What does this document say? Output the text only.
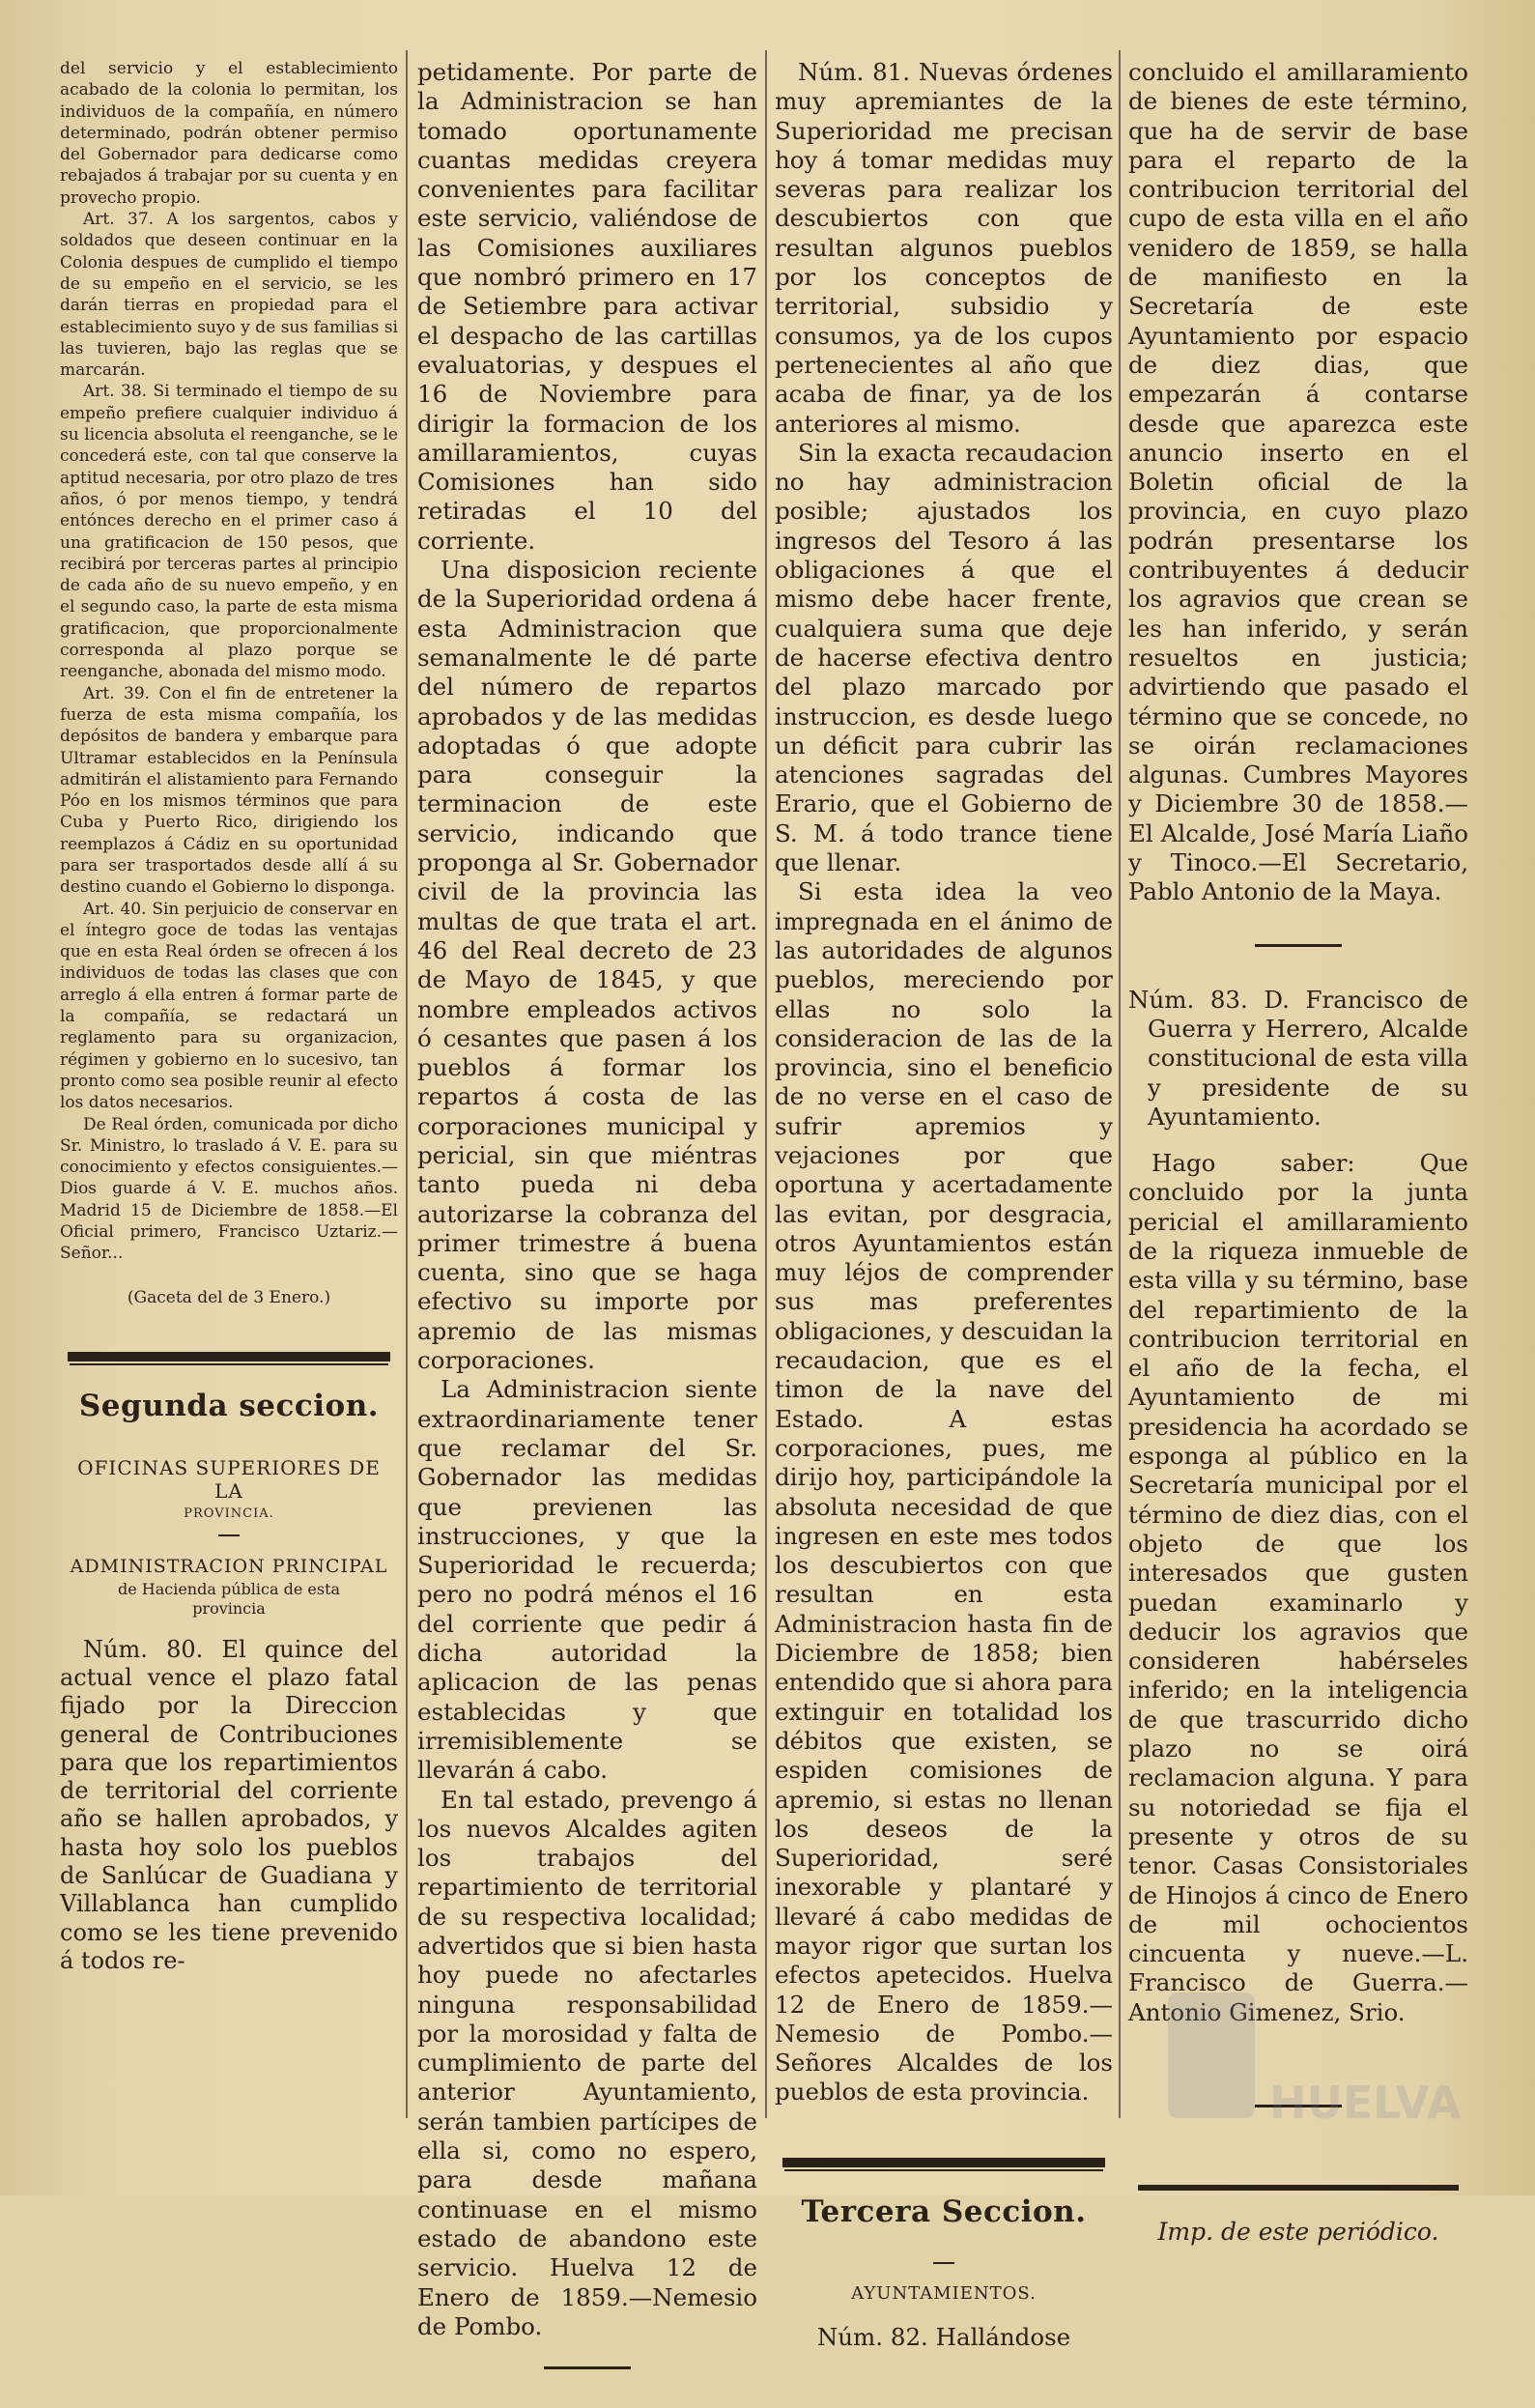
del servicio y el establecimiento acabado de la colonia lo permitan, los individuos de la compañía, en número determinado, podrán obtener permiso del Gobernador para dedicarse como rebajados á trabajar por su cuenta y en provecho propio.

Art. 37. A los sargentos, cabos y soldados que deseen continuar en la Colonia despues de cumplido el tiempo de su empeño en el servicio, se les darán tierras en propiedad para el establecimiento suyo y de sus familias si las tuvieren, bajo las reglas que se marcarán.

Art. 38. Si terminado el tiempo de su empeño prefiere cualquier individuo á su licencia absoluta el reenganche, se le concederá este, con tal que conserve la aptitud necesaria, por otro plazo de tres años, ó por menos tiempo, y tendrá entónces derecho en el primer caso á una gratificacion de 150 pesos, que recibirá por terceras partes al principio de cada año de su nuevo empeño, y en el segundo caso, la parte de esta misma gratificacion, que proporcionalmente corresponda al plazo porque se reenganche, abonada del mismo modo.

Art. 39. Con el fin de entretener la fuerza de esta misma compañía, los depósitos de bandera y embarque para Ultramar establecidos en la Península admitirán el alistamiento para Fernando Póo en los mismos términos que para Cuba y Puerto Rico, dirigiendo los reemplazos á Cádiz en su oportunidad para ser trasportados desde allí á su destino cuando el Gobierno lo disponga.

Art. 40. Sin perjuicio de conservar en el íntegro goce de todas las ventajas que en esta Real órden se ofrecen á los individuos de todas las clases que con arreglo á ella entren á formar parte de la compañía, se redactará un reglamento para su organizacion, régimen y gobierno en lo sucesivo, tan pronto como sea posible reunir al efecto los datos necesarios.

De Real órden, comunicada por dicho Sr. Ministro, lo traslado á V. E. para su conocimiento y efectos consiguientes.—Dios guarde á V. E. muchos años. Madrid 15 de Diciembre de 1858.—El Oficial primero, Francisco Uztariz.—Señor...

(Gaceta del de 3 Enero.)
Segunda seccion.
OFICINAS SUPERIORES DE LA
PROVINCIA.
ADMINISTRACION PRINCIPAL
de Hacienda pública de esta provincia

Núm. 80. El quince del actual vence el plazo fatal fijado por la Direccion general de Contribuciones para que los repartimientos de territorial del corriente año se hallen aprobados, y hasta hoy solo los pueblos de Sanlúcar de Guadiana y Villablanca han cumplido como se les tiene prevenido á todos re-

petidamente. Por parte de la Administracion se han tomado oportunamente cuantas medidas creyera convenientes para facilitar este servicio, valiéndose de las Comisiones auxiliares que nombró primero en 17 de Setiembre para activar el despacho de las cartillas evaluatorias, y despues el 16 de Noviembre para dirigir la formacion de los amillaramientos, cuyas Comisiones han sido retiradas el 10 del corriente.

Una disposicion reciente de la Superioridad ordena á esta Administracion que semanalmente le dé parte del número de repartos aprobados y de las medidas adoptadas ó que adopte para conseguir la terminacion de este servicio, indicando que proponga al Sr. Gobernador civil de la provincia las multas de que trata el art. 46 del Real decreto de 23 de Mayo de 1845, y que nombre empleados activos ó cesantes que pasen á los pueblos á formar los repartos á costa de las corporaciones municipal y pericial, sin que miéntras tanto pueda ni deba autorizarse la cobranza del primer trimestre á buena cuenta, sino que se haga efectivo su importe por apremio de las mismas corporaciones.

La Administracion siente extraordinariamente tener que reclamar del Sr. Gobernador las medidas que previenen las instrucciones, y que la Superioridad le recuerda; pero no podrá ménos el 16 del corriente que pedir á dicha autoridad la aplicacion de las penas establecidas y que irremisiblemente se llevarán á cabo.

En tal estado, prevengo á los nuevos Alcaldes agiten los trabajos del repartimiento de territorial de su respectiva localidad; advertidos que si bien hasta hoy puede no afectarles ninguna responsabilidad por la morosidad y falta de cumplimiento de parte del anterior Ayuntamiento, serán tambien partícipes de ella si, como no espero, para desde mañana continuase en el mismo estado de abandono este servicio. Huelva 12 de Enero de 1859.—Nemesio de Pombo.

Núm. 81. Nuevas órdenes muy apremiantes de la Superioridad me precisan hoy á tomar medidas muy severas para realizar los descubiertos con que resultan algunos pueblos por los conceptos de territorial, subsidio y consumos, ya de los cupos pertenecientes al año que acaba de finar, ya de los anteriores al mismo.

Sin la exacta recaudacion no hay administracion posible; ajustados los ingresos del Tesoro á las obligaciones á que el mismo debe hacer frente, cualquiera suma que deje de hacerse efectiva dentro del plazo marcado por instruccion, es desde luego un déficit para cubrir las atenciones sagradas del Erario, que el Gobierno de S. M. á todo trance tiene que llenar.

Si esta idea la veo impregnada en el ánimo de las autoridades de algunos pueblos, mereciendo por ellas no solo la consideracion de las de la provincia, sino el beneficio de no verse en el caso de sufrir apremios y vejaciones por que oportuna y acertadamente las evitan, por desgracia, otros Ayuntamientos están muy léjos de comprender sus mas preferentes obligaciones, y descuidan la recaudacion, que es el timon de la nave del Estado. A estas corporaciones, pues, me dirijo hoy, participándole la absoluta necesidad de que ingresen en este mes todos los descubiertos con que resultan en esta Administracion hasta fin de Diciembre de 1858; bien entendido que si ahora para extinguir en totalidad los débitos que existen, se espiden comisiones de apremio, si estas no llenan los deseos de la Superioridad, seré inexorable y plantaré y llevaré á cabo medidas de mayor rigor que surtan los efectos apetecidos. Huelva 12 de Enero de 1859.—Nemesio de Pombo.—Señores Alcaldes de los pueblos de esta provincia.

Tercera Seccion.
AYUNTAMIENTOS.

Núm. 82. Hallándose

concluido el amillaramiento de bienes de este término, que ha de servir de base para el reparto de la contribucion territorial del cupo de esta villa en el año venidero de 1859, se halla de manifiesto en la Secretaría de este Ayuntamiento por espacio de diez dias, que empezarán á contarse desde que aparezca este anuncio inserto en el Boletin oficial de la provincia, en cuyo plazo podrán presentarse los contribuyentes á deducir los agravios que crean se les han inferido, y serán resueltos en justicia; advirtiendo que pasado el término que se concede, no se oirán reclamaciones algunas. Cumbres Mayores y Diciembre 30 de 1858.—El Alcalde, José María Liaño y Tinoco.—El Secretario, Pablo Antonio de la Maya.

Núm. 83. D. Francisco de Guerra y Herrero, Alcalde constitucional de esta villa y presidente de su Ayuntamiento.

Hago saber: Que concluido por la junta pericial el amillaramiento de la riqueza inmueble de esta villa y su término, base del repartimiento de la contribucion territorial en el año de la fecha, el Ayuntamiento de mi presidencia ha acordado se esponga al público en la Secretaría municipal por el término de diez dias, con el objeto de que los interesados que gusten puedan examinarlo y deducir los agravios que consideren habérseles inferido; en la inteligencia de que trascurrido dicho plazo no se oirá reclamacion alguna. Y para su notoriedad se fija el presente y otros de su tenor. Casas Consistoriales de Hinojos á cinco de Enero de mil ochocientos cincuenta y nueve.—L. Francisco de Guerra.—Antonio Gimenez, Srio.

Imp. de este periódico.
HUELVA
